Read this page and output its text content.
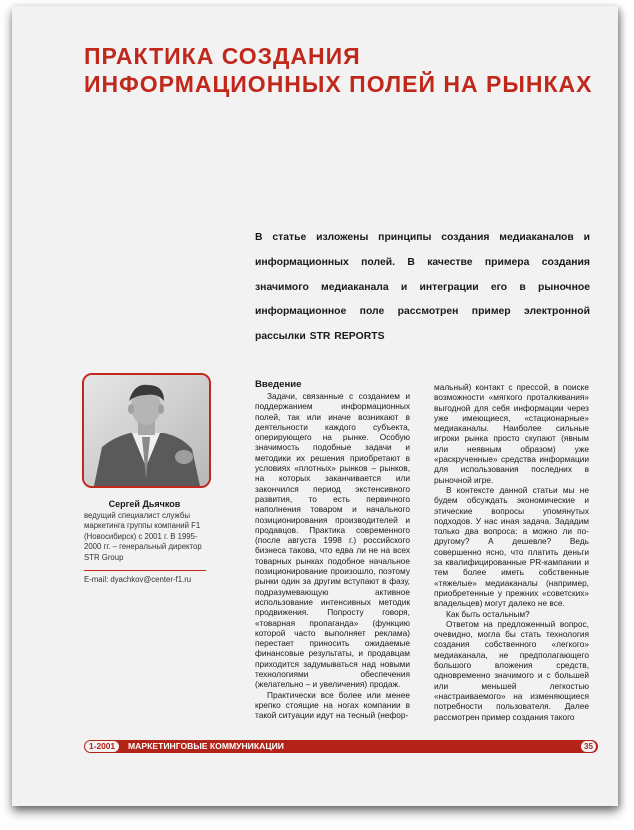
ПРАКТИКА СОЗДАНИЯ ИНФОРМАЦИОННЫХ ПОЛЕЙ НА РЫНКАХ
В статье изложены принципы создания медиаканалов и информационных полей. В качестве примера создания значимого медиаканала и интеграции его в рыночное информационное поле рассмотрен пример электронной рассылки STR REPORTS
Сергей Дьячков
ведущий специалист службы маркетинга группы компаний F1 (Новосибирск) с 2001 г. В 1995-2000 гг. – генеральный директор STR Group
E-mail: dyachkov@center-f1.ru
Введение

Задачи, связанные с созданием и поддержанием информационных полей, так или иначе возникают в деятельности каждого субъекта, оперирующего на рынке. Особую значимость подобные задачи и методики их решения приобретают в условиях «плотных» рынков – рынков, на которых заканчивается или закончился период экстенсивного развития, то есть первичного наполнения товаром и начального позиционирования производителей и продавцов. Практика современного (после августа 1998 г.) российского бизнеса такова, что едва ли не на всех товарных рынках подобное начальное позиционирование произошло, поэтому рынки один за другим вступают в фазу, подразумевающую активное использование интенсивных методик продвижения. Попросту говоря, «товарная пропаганда» (функцию которой часто выполняет реклама) перестает приносить ожидаемые финансовые результаты, и продавцам приходится задумываться над новыми технологиями обеспечения (желательно – и увеличения) продаж.

Практически все более или менее крепко стоящие на ногах компании в такой ситуации идут на тесный (нефор-

мальный) контакт с прессой, в поиске возможности «мягкого проталкивания» выгодной для себя информации через уже имеющиеся, «стационарные» медиаканалы. Наиболее сильные игроки рынка просто скупают (явным или неявным образом) уже «раскрученные» средства информации для использования последних в рыночной игре.

В контексте данной статьи мы не будем обсуждать экономические и этические вопросы упомянутых подходов. У нас иная задача. Зададим только два вопроса: а можно ли по-другому? А дешевле? Ведь совершенно ясно, что платить деньги за квалифицированные PR-кампании и тем более иметь собственные «тяжелые» медиаканалы (например, приобретенные у прежних «советских» владельцев) могут далеко не все.

Как быть остальным?

Ответом на предложенный вопрос, очевидно, могла бы стать технология создания собственного «легкого» медиаканала, не предполагающего большого вложения средств, одновременно значимого и с большей или меньшей легкостью «настраиваемого» на изменяющиеся потребности пользователя. Далее рассмотрен пример создания такого

1-2001	МАРКЕТИНГОВЫЕ КОММУНИКАЦИИ	35
